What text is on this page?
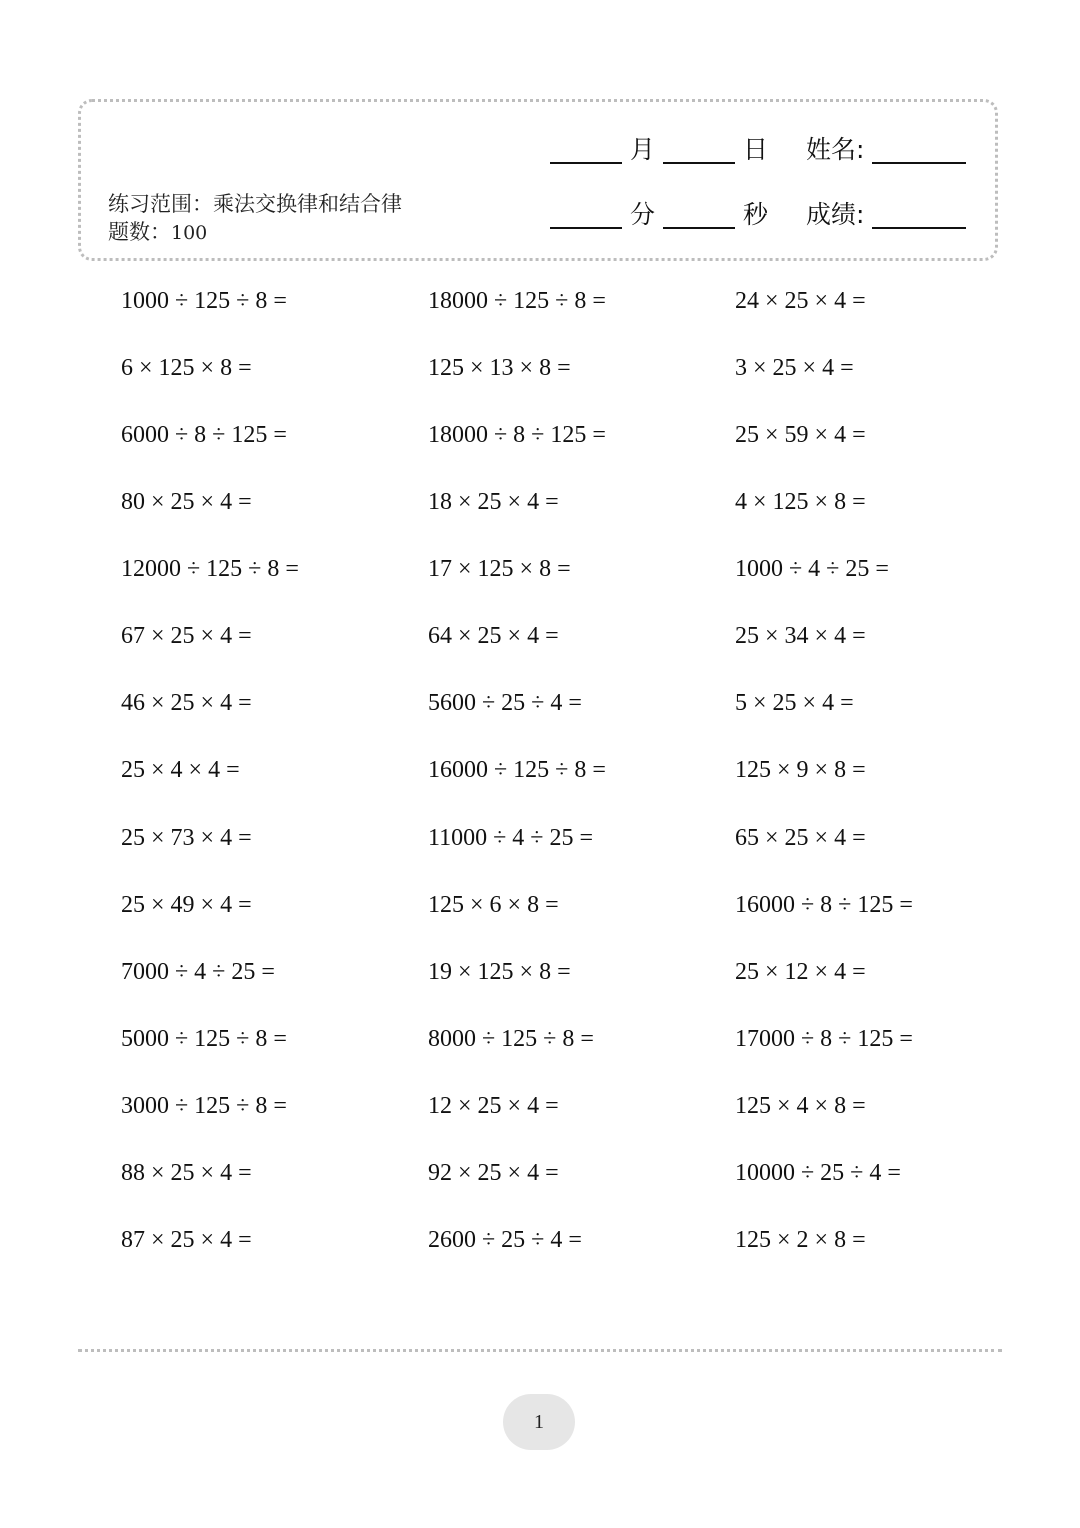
练习范围：乘法交换律和结合律 题数：100
月	日 姓名:
分	秒 成绩:
1000 ÷ 125 ÷ 8 =	18000 ÷ 125 ÷ 8 =	24 × 25 × 4 =
6 × 125 × 8 =	125 × 13 × 8 =	3 × 25 × 4 =
6000 ÷ 8 ÷ 125 =	18000 ÷ 8 ÷ 125 =	25 × 59 × 4 =
80 × 25 × 4 =	18 × 25 × 4 =	4 × 125 × 8 =
12000 ÷ 125 ÷ 8 =	17 × 125 × 8 =	1000 ÷ 4 ÷ 25 =
67 × 25 × 4 =	64 × 25 × 4 =	25 × 34 × 4 =
46 × 25 × 4 =	5600 ÷ 25 ÷ 4 =	5 × 25 × 4 =
25 × 4 × 4 =	16000 ÷ 125 ÷ 8 =	125 × 9 × 8 =
25 × 73 × 4 =	11000 ÷ 4 ÷ 25 =	65 × 25 × 4 =
25 × 49 × 4 =	125 × 6 × 8 =	16000 ÷ 8 ÷ 125 =
7000 ÷ 4 ÷ 25 =	19 × 125 × 8 =	25 × 12 × 4 =
5000 ÷ 125 ÷ 8 =	8000 ÷ 125 ÷ 8 =	17000 ÷ 8 ÷ 125 =
3000 ÷ 125 ÷ 8 =	12 × 25 × 4 =	125 × 4 × 8 =
88 × 25 × 4 =	92 × 25 × 4 =	10000 ÷ 25 ÷ 4 =
87 × 25 × 4 =	2600 ÷ 25 ÷ 4 =	125 × 2 × 8 =
1
